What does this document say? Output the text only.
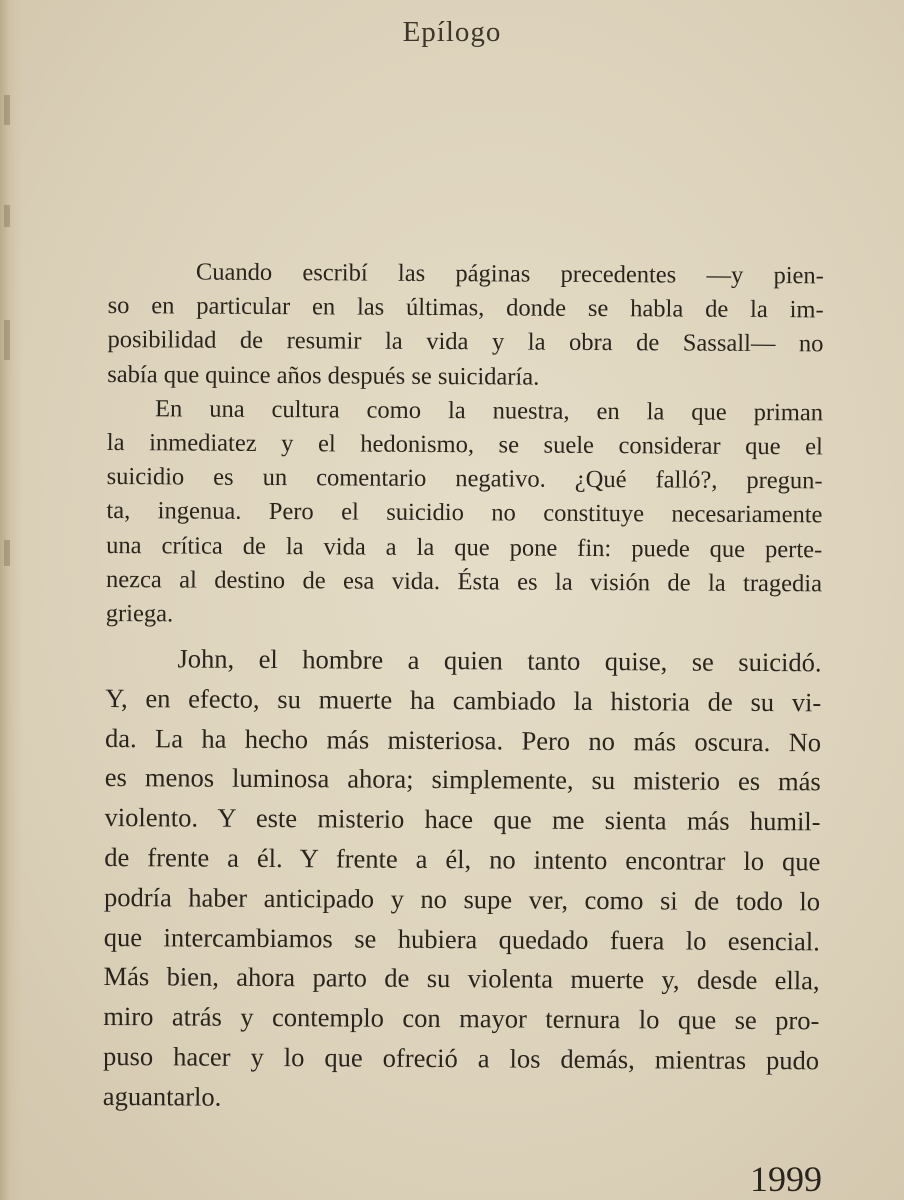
Epílogo
Cuando escribí las páginas precedentes —y pien-
so en particular en las últimas, donde se habla de la im-
posibilidad de resumir la vida y la obra de Sassall— no
sabía que quince años después se suicidaría.
En una cultura como la nuestra, en la que priman
la inmediatez y el hedonismo, se suele considerar que el
suicidio es un comentario negativo. ¿Qué falló?, pregun-
ta, ingenua. Pero el suicidio no constituye necesariamente
una crítica de la vida a la que pone fin: puede que perte-
nezca al destino de esa vida. Ésta es la visión de la tragedia
griega.
John, el hombre a quien tanto quise, se suicidó.
Y, en efecto, su muerte ha cambiado la historia de su vi-
da. La ha hecho más misteriosa. Pero no más oscura. No
es menos luminosa ahora; simplemente, su misterio es más
violento. Y este misterio hace que me sienta más humil-
de frente a él. Y frente a él, no intento encontrar lo que
podría haber anticipado y no supe ver, como si de todo lo
que intercambiamos se hubiera quedado fuera lo esencial.
Más bien, ahora parto de su violenta muerte y, desde ella,
miro atrás y contemplo con mayor ternura lo que se pro-
puso hacer y lo que ofreció a los demás, mientras pudo
aguantarlo.
1999
